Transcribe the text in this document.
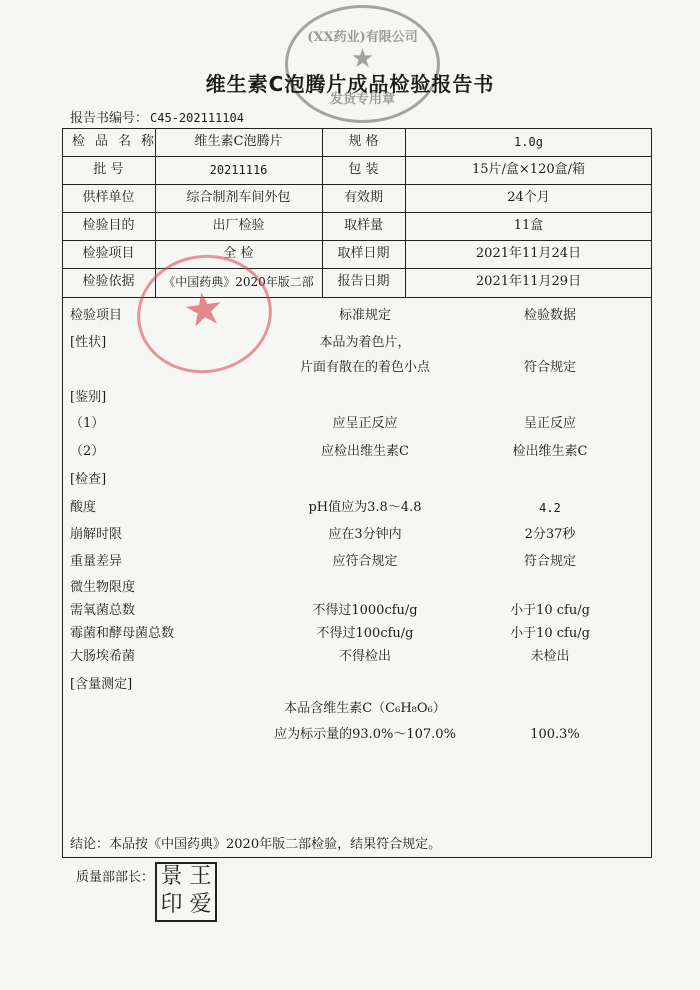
(XX药业)有限公司
★
发货专用章
维生素C泡腾片成品检验报告书
报告书编号： C45-202111104
检品名称	维生素C泡腾片	规 格	1.0g
批 号	20211116	包 装	15片/盒×120盒/箱
供样单位	综合制剂车间外包	有效期	24个月
检验目的	出厂检验	取样量	11盒
检验项目	全 检	取样日期	2021年11月24日
检验依据	《中国药典》2020年版二部	报告日期	2021年11月29日
检验项目	标准规定	检验数据
[性状]	本品为着色片，
片面有散在的着色小点	符合规定
[鉴别]
（1）	应呈正反应	呈正反应
（2）	应检出维生素C	检出维生素C
[检查]
酸度	pH值应为3.8～4.8	4.2
崩解时限	应在3分钟内	2分37秒
重量差异	应符合规定	符合规定
微生物限度
需氧菌总数	不得过1000cfu/g	小于10 cfu/g
霉菌和酵母菌总数	不得过100cfu/g	小于10 cfu/g
大肠埃希菌	不得检出	未检出
[含量测定]
本品含维生素C（C₆H₈O₆）
应为标示量的93.0%～107.0%	100.3%
结论：本品按《中国药典》2020年版二部检验，结果符合规定。
质量部部长： 王
景
爱
印
★
